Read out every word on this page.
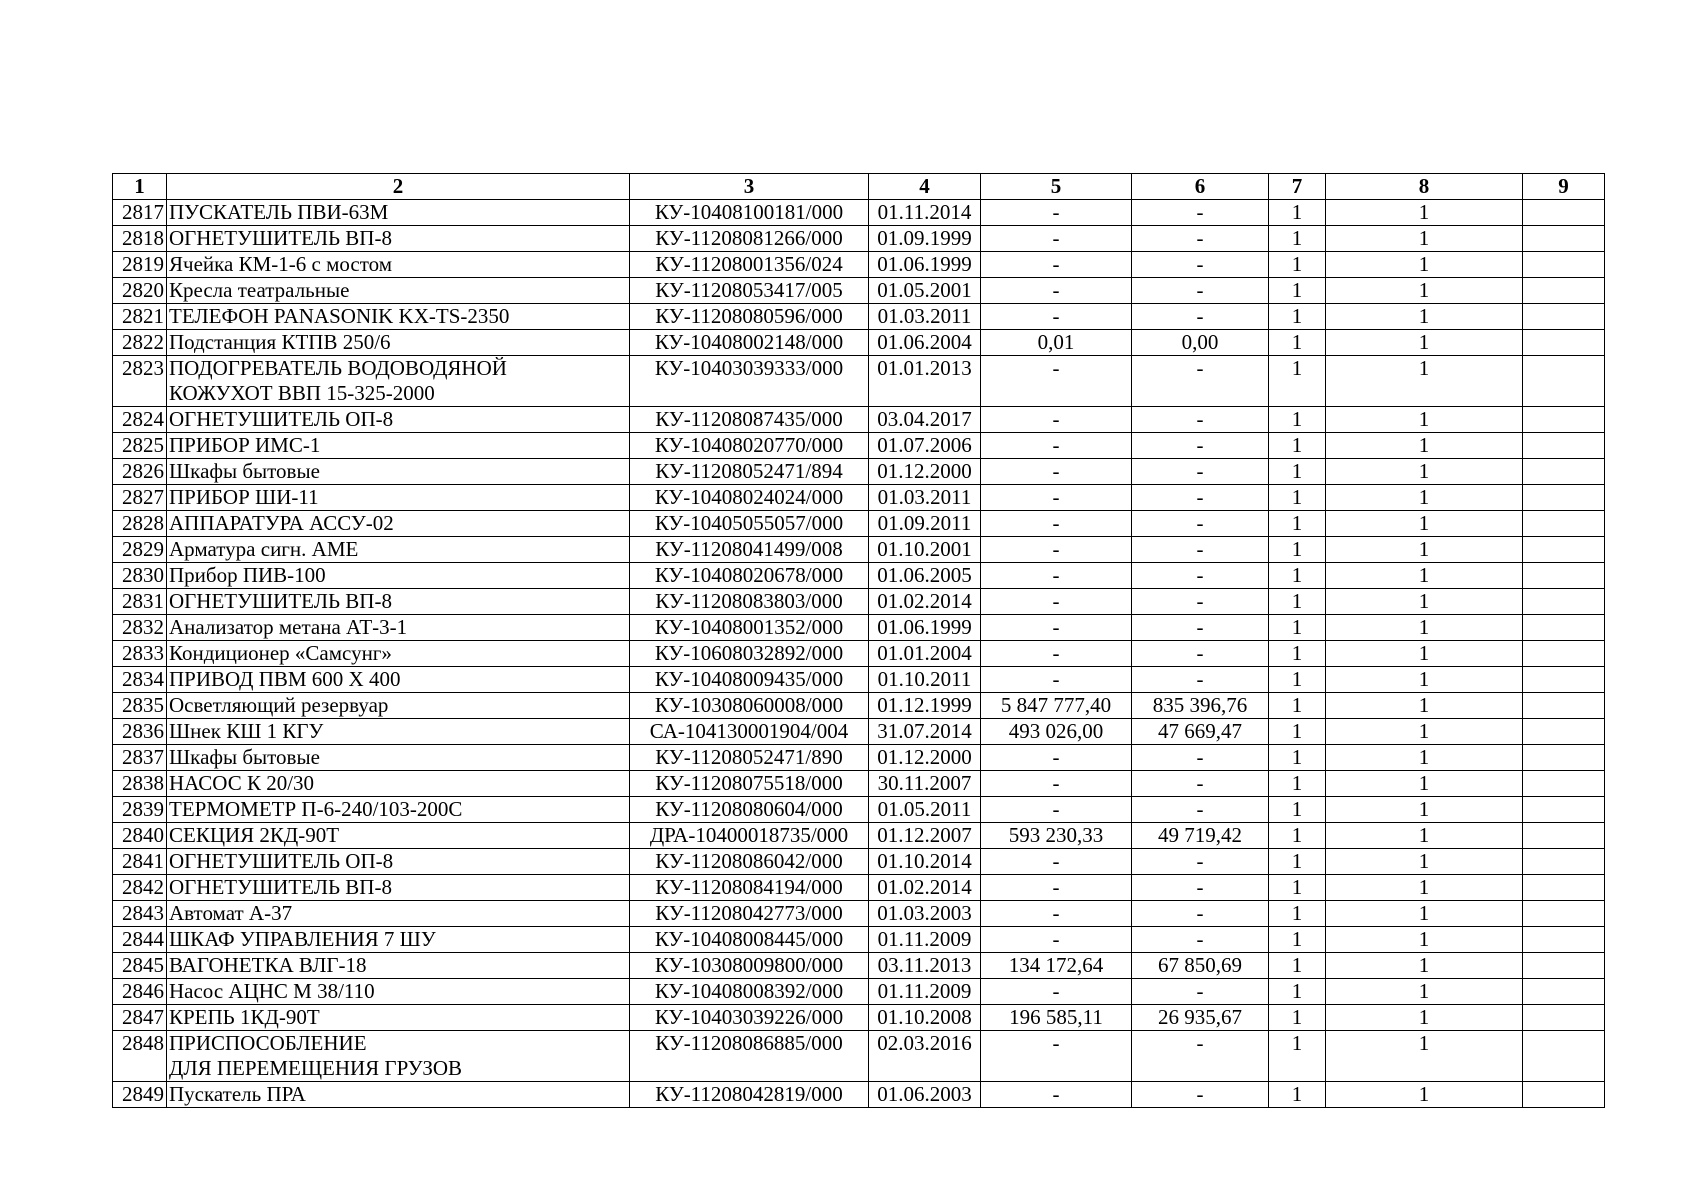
1	2	3	4	5	6	7	8	9
2817	ПУСКАТЕЛЬ ПВИ-63М	КУ-10408100181/000	01.11.2014	-	-	1	1	
2818	ОГНЕТУШИТЕЛЬ ВП-8	КУ-11208081266/000	01.09.1999	-	-	1	1	
2819	Ячейка КМ-1-6 с мостом	КУ-11208001356/024	01.06.1999	-	-	1	1	
2820	Кресла театральные	КУ-11208053417/005	01.05.2001	-	-	1	1	
2821	ТЕЛЕФОН PANASONIK KX-TS-2350	КУ-11208080596/000	01.03.2011	-	-	1	1	
2822	Подстанция КТПВ 250/6	КУ-10408002148/000	01.06.2004	0,01	0,00	1	1	
2823	ПОДОГРЕВАТЕЛЬ ВОДОВОДЯНОЙ
КОЖУХОТ ВВП 15-325-2000	КУ-10403039333/000	01.01.2013	-	-	1	1	
2824	ОГНЕТУШИТЕЛЬ ОП-8	КУ-11208087435/000	03.04.2017	-	-	1	1	
2825	ПРИБОР ИМС-1	КУ-10408020770/000	01.07.2006	-	-	1	1	
2826	Шкафы бытовые	КУ-11208052471/894	01.12.2000	-	-	1	1	
2827	ПРИБОР ШИ-11	КУ-10408024024/000	01.03.2011	-	-	1	1	
2828	АППАРАТУРА АССУ-02	КУ-10405055057/000	01.09.2011	-	-	1	1	
2829	Арматура сигн. АМЕ	КУ-11208041499/008	01.10.2001	-	-	1	1	
2830	Прибор ПИВ-100	КУ-10408020678/000	01.06.2005	-	-	1	1	
2831	ОГНЕТУШИТЕЛЬ ВП-8	КУ-11208083803/000	01.02.2014	-	-	1	1	
2832	Анализатор метана АТ-3-1	КУ-10408001352/000	01.06.1999	-	-	1	1	
2833	Кондиционер «Самсунг»	КУ-10608032892/000	01.01.2004	-	-	1	1	
2834	ПРИВОД ПВМ 600 Х 400	КУ-10408009435/000	01.10.2011	-	-	1	1	
2835	Осветляющий резервуар	КУ-10308060008/000	01.12.1999	5 847 777,40	835 396,76	1	1	
2836	Шнек КШ 1 КГУ	СА-104130001904/004	31.07.2014	493 026,00	47 669,47	1	1	
2837	Шкафы бытовые	КУ-11208052471/890	01.12.2000	-	-	1	1	
2838	НАСОС К 20/30	КУ-11208075518/000	30.11.2007	-	-	1	1	
2839	ТЕРМОМЕТР П-6-240/103-200С	КУ-11208080604/000	01.05.2011	-	-	1	1	
2840	СЕКЦИЯ 2КД-90Т	ДРА-10400018735/000	01.12.2007	593 230,33	49 719,42	1	1	
2841	ОГНЕТУШИТЕЛЬ ОП-8	КУ-11208086042/000	01.10.2014	-	-	1	1	
2842	ОГНЕТУШИТЕЛЬ ВП-8	КУ-11208084194/000	01.02.2014	-	-	1	1	
2843	Автомат А-37	КУ-11208042773/000	01.03.2003	-	-	1	1	
2844	ШКАФ УПРАВЛЕНИЯ 7 ШУ	КУ-10408008445/000	01.11.2009	-	-	1	1	
2845	ВАГОНЕТКА ВЛГ-18	КУ-10308009800/000	03.11.2013	134 172,64	67 850,69	1	1	
2846	Насос АЦНС М 38/110	КУ-10408008392/000	01.11.2009	-	-	1	1	
2847	КРЕПЬ 1КД-90Т	КУ-10403039226/000	01.10.2008	196 585,11	26 935,67	1	1	
2848	ПРИСПОСОБЛЕНИЕ
ДЛЯ ПЕРЕМЕЩЕНИЯ ГРУЗОВ	КУ-11208086885/000	02.03.2016	-	-	1	1	
2849	Пускатель ПРА	КУ-11208042819/000	01.06.2003	-	-	1	1	
